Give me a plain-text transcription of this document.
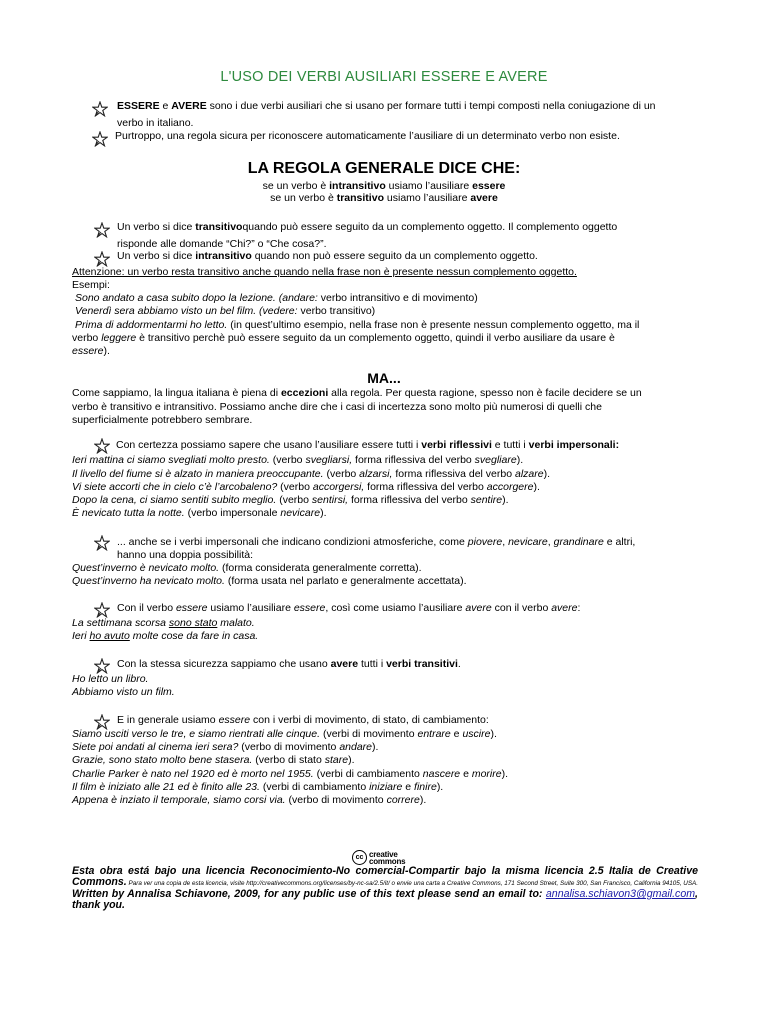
L'USO DEI VERBI AUSILIARI ESSERE E AVERE
ESSERE e AVERE sono i due verbi ausiliari che si usano per formare tutti i tempi composti nella coniugazione di un
verbo in italiano.
Purtroppo, una regola sicura per riconoscere automaticamente l’ausiliare di un determinato verbo non esiste.
LA REGOLA GENERALE DICE CHE:
se un verbo è intransitivo usiamo l’ausiliare essere
se un verbo è transitivo usiamo l’ausiliare avere
Un verbo si dice transitivoquando può essere seguito da un complemento oggetto. Il complemento oggetto
risponde alle domande “Chi?” o “Che cosa?”.
Un verbo si dice intransitivo quando non può essere seguito da un complemento oggetto.
Attenzione: un verbo resta transitivo anche quando nella frase non è presente nessun complemento oggetto.
Esempi:
Sono andato a casa subito dopo la lezione. (andare: verbo intransitivo e di movimento)
Venerdì sera abbiamo visto un bel film. (vedere: verbo transitivo)
Prima di addormentarmi ho letto. (in quest’ultimo esempio, nella frase non è presente nessun complemento oggetto, ma il
verbo leggere è transitivo perchè può essere seguito da un complemento oggetto, quindi il verbo ausiliare da usare è
essere).
MA...
Come sappiamo, la lingua italiana è piena di eccezioni alla regola. Per questa ragione, spesso non è facile decidere se un
verbo è transitivo e intransitivo. Possiamo anche dire che i casi di incertezza sono molto più numerosi di quelli che
superficialmente potrebbero sembrare.
Con certezza possiamo sapere che usano l’ausiliare essere tutti i verbi riflessivi e tutti i verbi impersonali:
Ieri mattina ci siamo svegliati molto presto. (verbo svegliarsi, forma riflessiva del verbo svegliare).
Il livello del fiume si è alzato in maniera preoccupante. (verbo alzarsi, forma riflessiva del verbo alzare).
Vi siete accorti che in cielo c’è l’arcobaleno? (verbo accorgersi, forma riflessiva del verbo accorgere).
Dopo la cena, ci siamo sentiti subito meglio. (verbo sentirsi, forma riflessiva del verbo sentire).
È nevicato tutta la notte. (verbo impersonale nevicare).
... anche se i verbi impersonali che indicano condizioni atmosferiche, come piovere, nevicare, grandinare e altri,
hanno una doppia possibilità:
Quest’inverno è nevicato molto. (forma considerata generalmente corretta).
Quest’inverno ha nevicato molto. (forma usata nel parlato e generalmente accettata).
Con il verbo essere usiamo l’ausiliare essere, così come usiamo l’ausiliare avere con il verbo avere:
La settimana scorsa sono stato malato.
Ieri ho avuto molte cose da fare in casa.
Con la stessa sicurezza sappiamo che usano avere tutti i verbi transitivi.
Ho letto un libro.
Abbiamo visto un film.
E in generale usiamo essere con i verbi di movimento, di stato, di cambiamento:
Siamo usciti verso le tre, e siamo rientrati alle cinque. (verbi di movimento entrare e uscire).
Siete poi andati al cinema ieri sera? (verbo di movimento andare).
Grazie, sono stato molto bene stasera. (verbo di stato stare).
Charlie Parker è nato nel 1920 ed è morto nel 1955. (verbi di cambiamento nascere e morire).
Il film è iniziato alle 21 ed è finito alle 23. (verbi di cambiamento iniziare e finire).
Appena è inziato il temporale, siamo corsi via. (verbo di movimento correre).
cc creative
commons
Esta obra está bajo una licencia Reconocimiento-No comercial-Compartir bajo la misma licencia 2.5 Italia de Creative Commons. Para ver una copia de esta licencia, visite http://creativecommons.org/licenses/by-nc-sa/2.5/it/ o envie una carta a Creative Commons, 171 Second Street, Suite 300, San Francisco, California 94105, USA. Written by Annalisa Schiavone, 2009, for any public use of this text please send an email to: annalisa.schiavon3@gmail.com, thank you.
